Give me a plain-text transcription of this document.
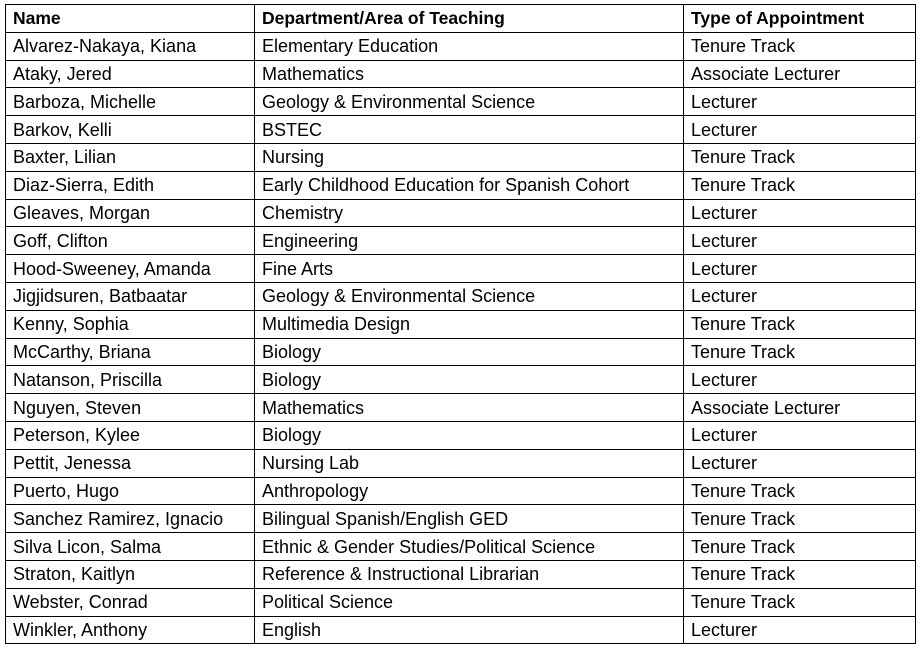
Name	Department/Area of Teaching	Type of Appointment
Alvarez-Nakaya, Kiana	Elementary Education	Tenure Track
Ataky, Jered	Mathematics	Associate Lecturer
Barboza, Michelle	Geology & Environmental Science	Lecturer
Barkov, Kelli	BSTEC	Lecturer
Baxter, Lilian	Nursing	Tenure Track
Diaz-Sierra, Edith	Early Childhood Education for Spanish Cohort	Tenure Track
Gleaves, Morgan	Chemistry	Lecturer
Goff, Clifton	Engineering	Lecturer
Hood-Sweeney, Amanda	Fine Arts	Lecturer
Jigjidsuren, Batbaatar	Geology & Environmental Science	Lecturer
Kenny, Sophia	Multimedia Design	Tenure Track
McCarthy, Briana	Biology	Tenure Track
Natanson, Priscilla	Biology	Lecturer
Nguyen, Steven	Mathematics	Associate Lecturer
Peterson, Kylee	Biology	Lecturer
Pettit, Jenessa	Nursing Lab	Lecturer
Puerto, Hugo	Anthropology	Tenure Track
Sanchez Ramirez, Ignacio	Bilingual Spanish/English GED	Tenure Track
Silva Licon, Salma	Ethnic & Gender Studies/Political Science	Tenure Track
Straton, Kaitlyn	Reference & Instructional Librarian	Tenure Track
Webster, Conrad	Political Science	Tenure Track
Winkler, Anthony	English	Lecturer
